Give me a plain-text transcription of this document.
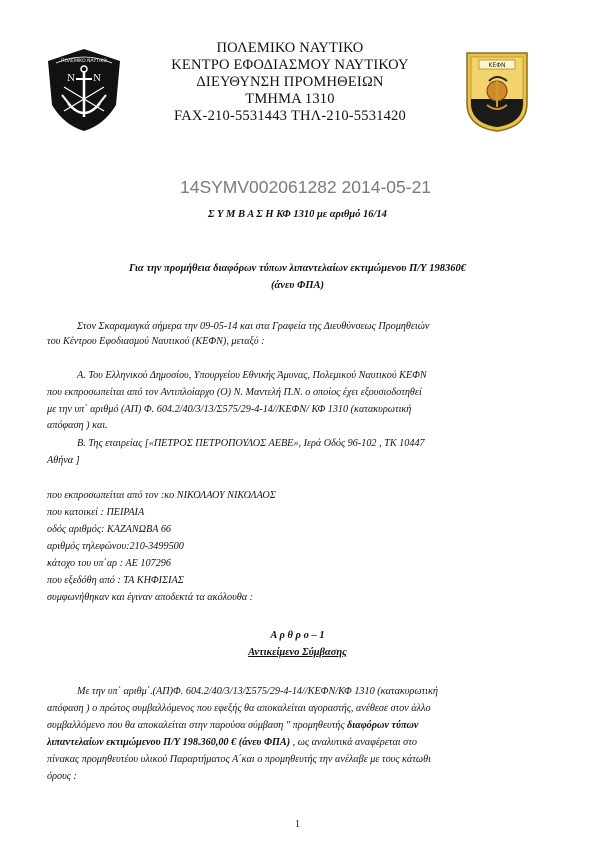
ΠΟΛΕΜΙΚΟ ΝΑΥΤΙΚΟ
Ν Ν
ΠΟΛΕΜΙΚΟ ΝΑΥΤΙΚΟ
ΚΕΝΤΡΟ ΕΦΟΔΙΑΣΜΟΥ ΝΑΥΤΙΚΟΥ
ΔΙΕΥΘΥΝΣΗ ΠΡΟΜΗΘΕΙΩΝ
ΤΜΗΜΑ 1310
FAX-210-5531443 ΤΗΛ-210-5531420
ΚΕΦΝ
14SYMV002061282 2014-05-21
Σ Υ Μ Β Α Σ Η ΚΦ 1310 με αριθμό 16/14
Για την προμήθεια διαφόρων τύπων λιπαντελαίων εκτιμώμενου Π/Υ 198360€
(άνευ ΦΠΑ)
Στον Σκαραμαγκά σήμερα την 09-05-14 και στα Γραφεία της Διευθύνσεως Προμηθειών
του Κέντρου Εφοδιασμού Ναυτικού (ΚΕΦΝ), μεταξύ :
Α. Του Ελληνικού Δημοσίου, Υπουργείου Εθνικής Άμυνας, Πολεμικού Ναυτικού ΚΕΦΝ
που εκπροσωπείται από τον Αντιπλοίαρχο (Ο) Ν. Μαντελή Π.Ν. ο οποίος έχει εξουσιοδοτηθεί
με την υπ΄ αριθμό (ΑΠ) Φ. 604.2/40/3/13/Σ575/29-4-14//ΚΕΦΝ/ ΚΦ 1310 (κατακυρωτική
απόφαση ) και.
Β. Της εταιρείας [«ΠΕΤΡΟΣ ΠΕΤΡΟΠΟΥΛΟΣ ΑΕΒΕ», Ιερά Οδός 96-102 , ΤΚ 10447
Αθήνα ]
που εκπροσωπείται από τον :κο ΝΙΚΟΛΑΟΥ ΝΙΚΟΛΑΟΣ
που κατοικεί : ΠΕΙΡΑΙΑ
οδός αριθμός: ΚΑΖΑΝΩΒΑ 66
αριθμός τηλεφώνου:210-3499500
κάτοχο του υπ΄αρ : ΑΕ 107296
που εξεδόθη από : ΤΑ ΚΗΦΙΣΙΑΣ
συμφωνήθηκαν και έγιναν αποδεκτά τα ακόλουθα :
Α ρ θ ρ ο – 1
Αντικείμενο Σύμβασης
Με την υπ΄ αριθμ΄.(ΑΠ)Φ. 604.2/40/3/13/Σ575/29-4-14//ΚΕΦΝ/ΚΦ 1310 (κατακυρωτική
απόφαση ) ο πρώτος συμβαλλόμενος που εφεξής θα αποκαλείται αγοραστής, ανέθεσε στον άλλο
συμβαλλόμενο που θα αποκαλείται στην παρούσα σύμβαση " προμηθευτής διαφόρων τύπων
λιπαντελαίων εκτιμώμενου Π/Υ 198.360,00 € (άνευ ΦΠΑ) , ως αναλυτικά αναφέρεται στο
πίνακας προμηθευτέου υλικού Παραρτήματος Α΄και ο προμηθευτής την ανέλαβε με τους κάτωθι
όρους :
1
